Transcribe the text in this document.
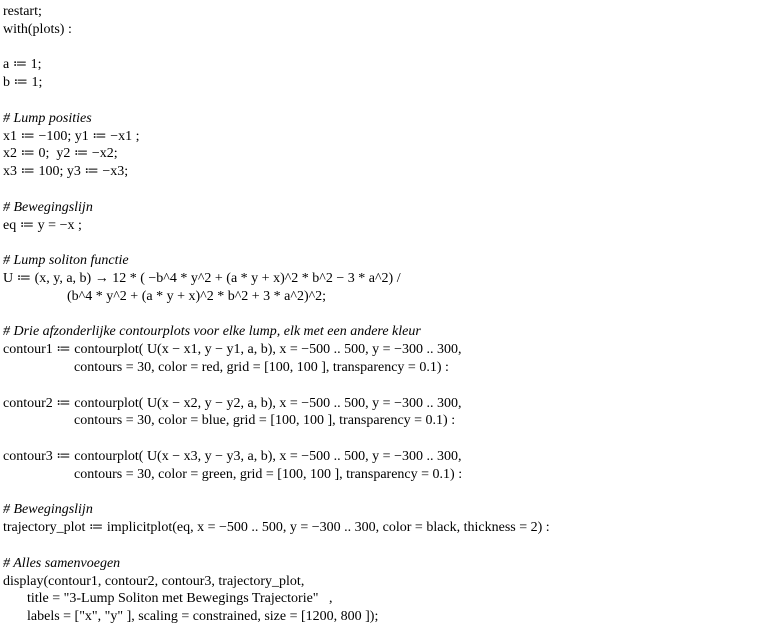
restart;
with(plots) :
a ≔ 1;
b ≔ 1;
# Lump posities
x1 ≔ −100; y1 ≔ −x1 ;
x2 ≔ 0;  y2 ≔ −x2;
x3 ≔ 100; y3 ≔ −x3;
# Bewegingslijn
eq ≔ y = −x ;
# Lump soliton functie
U ≔ (x, y, a, b) → 12 * ( −b^4 * y^2 + (a * y + x)^2 * b^2 − 3 * a^2) /
(b^4 * y^2 + (a * y + x)^2 * b^2 + 3 * a^2)^2;
# Drie afzonderlijke contourplots voor elke lump, elk met een andere kleur
contour1 ≔ contourplot( U(x − x1, y − y1, a, b), x = −500 .. 500, y = −300 .. 300,
contours = 30, color = red, grid = [100, 100 ], transparency = 0.1) :
contour2 ≔ contourplot( U(x − x2, y − y2, a, b), x = −500 .. 500, y = −300 .. 300,
contours = 30, color = blue, grid = [100, 100 ], transparency = 0.1) :
contour3 ≔ contourplot( U(x − x3, y − y3, a, b), x = −500 .. 500, y = −300 .. 300,
contours = 30, color = green, grid = [100, 100 ], transparency = 0.1) :
# Bewegingslijn
trajectory_plot ≔ implicitplot(eq, x = −500 .. 500, y = −300 .. 300, color = black, thickness = 2) :
# Alles samenvoegen
display(contour1, contour2, contour3, trajectory_plot,
title = "3-Lump Soliton met Bewegings Trajectorie"   ,
labels = ["x", "y" ], scaling = constrained, size = [1200, 800 ]);
